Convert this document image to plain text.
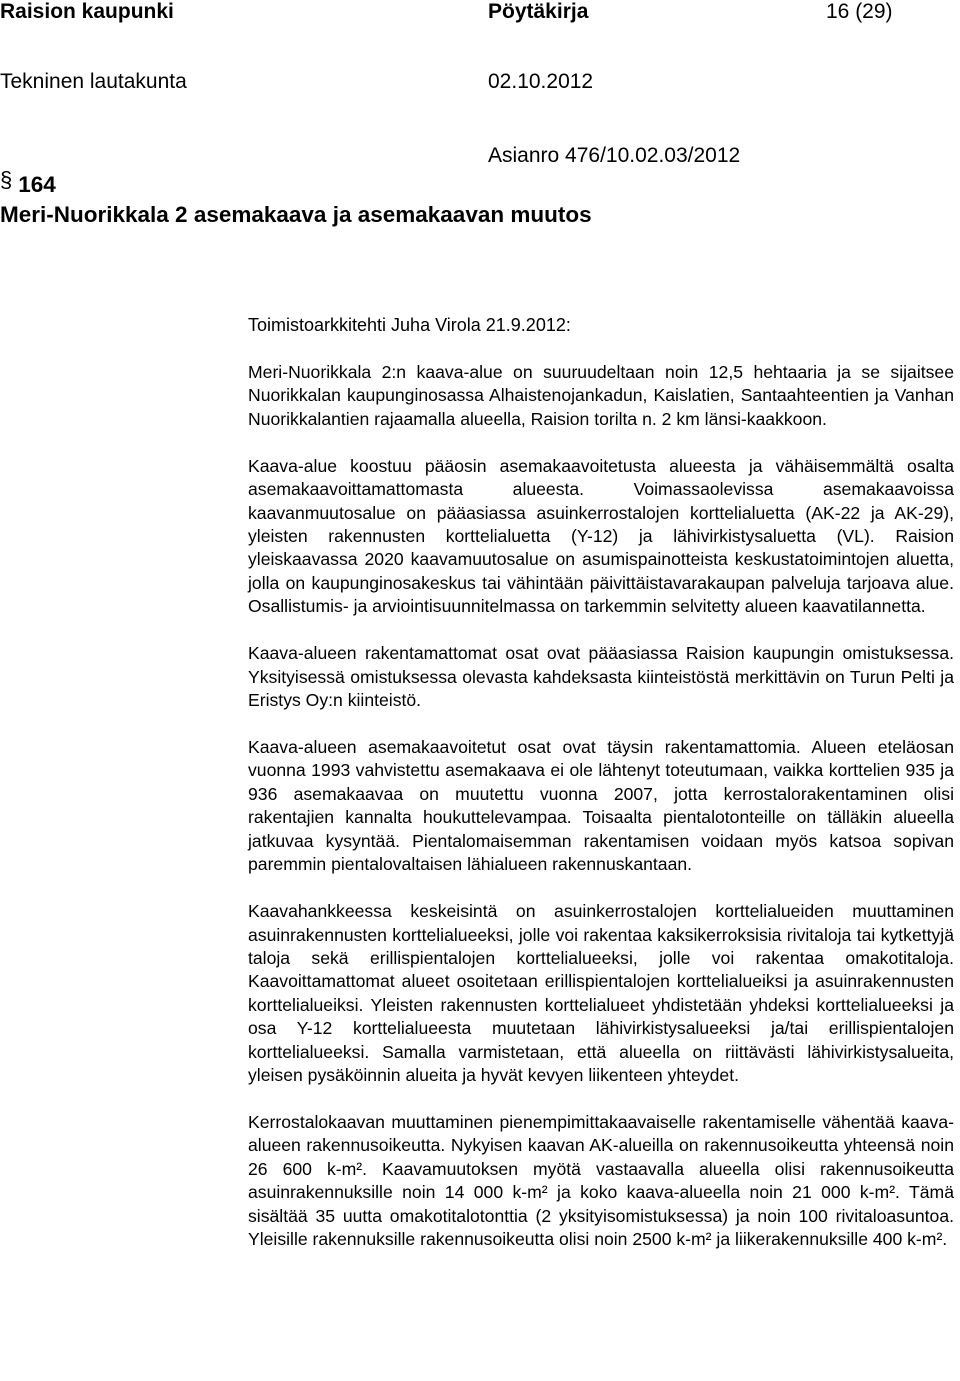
Raision kaupunki	Pöytäkirja	16 (29)
Tekninen lautakunta	02.10.2012
Asianro 476/10.02.03/2012
§ 164
Meri-Nuorikkala 2 asemakaava ja asemakaavan muutos
Toimistoarkkitehti Juha Virola 21.9.2012:

Meri-Nuorikkala 2:n kaava-alue on suuruudeltaan noin 12,5 hehtaaria ja se sijaitsee Nuorikkalan kaupunginosassa Alhaistenojankadun, Kaislatien, Santaahteentien ja Vanhan Nuorikkalantien rajaamalla alueella, Raision torilta n. 2 km länsi-kaakkoon.

Kaava-alue koostuu pääosin asemakaavoitetusta alueesta ja vähäisemmältä osalta asemakaavoittamattomasta alueesta. Voimassaolevissa asemakaavoissa kaavanmuutosalue on pääasiassa asuinkerrostalojen korttelialuetta (AK-22 ja AK-29), yleisten rakennusten korttelialuetta (Y-12) ja lähivirkistysaluetta (VL). Raision yleiskaavassa 2020 kaavamuutosalue on asumispainotteista keskustatoimintojen aluetta, jolla on kaupunginosakeskus tai vähintään päivittäistavarakaupan palveluja tarjoava alue. Osallistumis- ja arviointisuunnitelmassa on tarkemmin selvitetty alueen kaavatilannetta.

Kaava-alueen rakentamattomat osat ovat pääasiassa Raision kaupungin omistuksessa. Yksityisessä omistuksessa olevasta kahdeksasta kiinteistöstä merkittävin on Turun Pelti ja Eristys Oy:n kiinteistö.

Kaava-alueen asemakaavoitetut osat ovat täysin rakentamattomia. Alueen eteläosan vuonna 1993 vahvistettu asemakaava ei ole lähtenyt toteutumaan, vaikka korttelien 935 ja 936 asemakaavaa on muutettu vuonna 2007, jotta kerrostalorakentaminen olisi rakentajien kannalta houkuttelevampaa. Toisaalta pientalotonteille on tälläkin alueella jatkuvaa kysyntää. Pientalomaisemman rakentamisen voidaan myös katsoa sopivan paremmin pientalovaltaisen lähialueen rakennuskantaan.

Kaavahankkeessa keskeisintä on asuinkerrostalojen korttelialueiden muuttaminen asuinrakennusten korttelialueeksi, jolle voi rakentaa kaksikerroksisia rivitaloja tai kytkettyjä taloja sekä erillispientalojen korttelialueeksi, jolle voi rakentaa omakotitaloja. Kaavoittamattomat alueet osoitetaan erillispientalojen korttelialueiksi ja asuinrakennusten korttelialueiksi. Yleisten rakennusten korttelialueet yhdistetään yhdeksi korttelialueeksi ja osa Y-12 korttelialueesta muutetaan lähivirkistysalueeksi ja/tai erillispientalojen korttelialueeksi. Samalla varmistetaan, että alueella on riittävästi lähivirkistysalueita, yleisen pysäköinnin alueita ja hyvät kevyen liikenteen yhteydet.

Kerrostalokaavan muuttaminen pienempimittakaavaiselle rakentamiselle vähentää kaava-alueen rakennusoikeutta. Nykyisen kaavan AK-alueilla on rakennusoikeutta yhteensä noin 26 600 k-m². Kaavamuutoksen myötä vastaavalla alueella olisi rakennusoikeutta asuinrakennuksille noin 14 000 k-m² ja koko kaava-alueella noin 21 000 k-m². Tämä sisältää 35 uutta omakotitalotonttia (2 yksityisomistuksessa) ja noin 100 rivitaloasuntoa. Yleisille rakennuksille rakennusoikeutta olisi noin 2500 k-m² ja liikerakennuksille 400 k-m².
